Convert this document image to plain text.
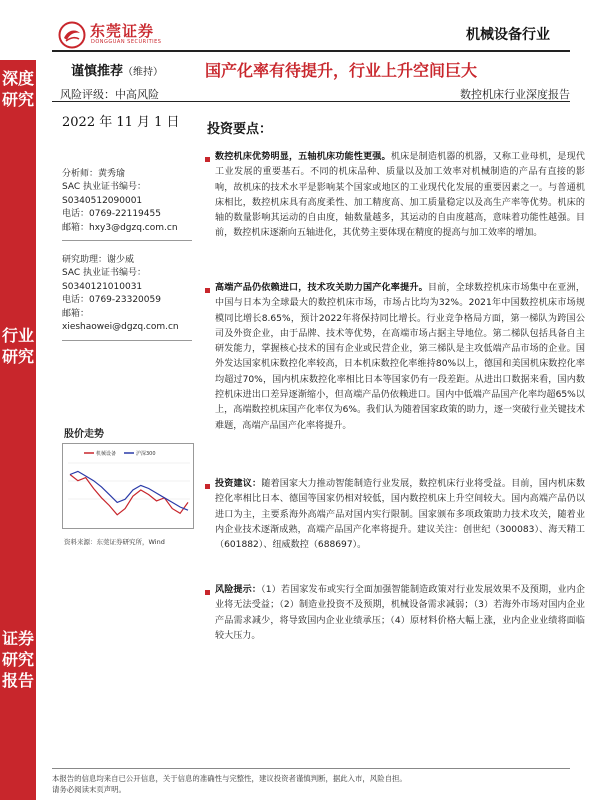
深度研究
行业研究
证券研究报告
东莞证券
DONGGUAN SECURITIES	机械设备行业
谨慎推荐（维持）	国产化率有待提升，行业上升空间巨大
风险评级：中高风险	数控机床行业深度报告
2022 年 11 月 1 日
分析师：黄秀瑜
SAC 执业证书编号：
S0340512090001
电话：0769-22119455
邮箱：hxy3@dgzq.com.cn
研究助理：谢少威
SAC 执业证书编号：
S0340121010031
电话：0769-23320059
邮箱：
xieshaowei@dgzq.com.cn
股价走势
机械设备	沪深300
资料来源：东莞证券研究所，Wind
投资要点：
数控机床优势明显，五轴机床功能性更强。机床是制造机器的机器，又称工业母机，是现代工业发展的重要基石。不同的机床品种、质量以及加工效率对机械制造的产品有直接的影响，故机床的技术水平是影响某个国家或地区的工业现代化发展的重要因素之一。与普通机床相比，数控机床具有高度柔性、加工精度高、加工质量稳定以及高生产率等优势。机床的轴的数量影响其运动的自由度，轴数量越多，其运动的自由度越高，意味着功能性越强。目前，数控机床逐渐向五轴进化，其优势主要体现在精度的提高与加工效率的增加。
高端产品仍依赖进口，技术攻关助力国产化率提升。目前，全球数控机床市场集中在亚洲，中国与日本为全球最大的数控机床市场，市场占比均为32%。2021年中国数控机床市场规模同比增长8.65%，预计2022年将保持同比增长。行业竞争格局方面，第一梯队为跨国公司及外资企业，由于品牌、技术等优势，在高端市场占据主导地位。第二梯队包括具备自主研发能力，掌握核心技术的国有企业或民营企业，第三梯队是主攻低端产品市场的企业。国外发达国家机床数控化率较高，日本机床数控化率维持80%以上，德国和美国机床数控化率均超过70%，国内机床数控化率相比日本等国家仍有一段差距。从进出口数据来看，国内数控机床进出口差异逐渐缩小，但高端产品仍依赖进口。国内中低端产品国产化率均超65%以上，高端数控机床国产化率仅为6%。我们认为随着国家政策的助力，逐一突破行业关键技术难题，高端产品国产化率将提升。
投资建议：随着国家大力推动智能制造行业发展，数控机床行业将受益。目前，国内机床数控化率相比日本、德国等国家仍相对较低，国内数控机床上升空间较大。国内高端产品仍以进口为主，主要系海外高端产品对国内实行限制。国家颁布多项政策助力技术攻关，随着业内企业技术逐渐成熟，高端产品国产化率将提升。建议关注：创世纪（300083）、海天精工（601882）、纽威数控（688697）。
风险提示：（1）若国家发布或实行全面加强智能制造政策对行业发展效果不及预期，业内企业将无法受益；（2）制造业投资不及预期，机械设备需求减弱；（3）若海外市场对国内企业产品需求减少，将导致国内企业业绩承压；（4）原材料价格大幅上涨，业内企业业绩将面临较大压力。
本报告的信息均来自已公开信息，关于信息的准确性与完整性，建议投资者谨慎判断，据此入市，风险自担。
请务必阅读末页声明。
